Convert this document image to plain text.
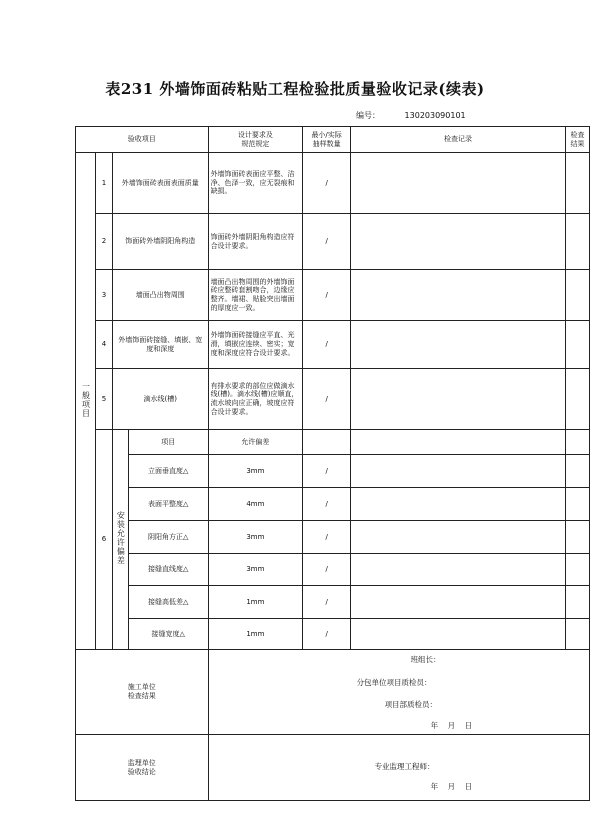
表231 外墙饰面砖粘贴工程检验批质量验收记录(续表)
编号：	130203090101
验收项目				设计要求及
规范规定	最小/实际
抽样数量	检查记录	检查
结果
一般项目	1	外墙饰面砖表面表面质量		外墙饰面砖表面应平整、洁净、色泽一致，应无裂痕和缺损。	/		
	2	饰面砖外墙阴阳角构造		饰面砖外墙阴阳角构造应符合设计要求。	/		
	3	墙面凸出物周围		墙面凸出物周围的外墙饰面砖应整砖套割吻合，边缘应整齐。墙裙、贴脸突出墙面的厚度应一致。	/		
	4	外墙饰面砖接缝、填嵌、宽度和深度		外墙饰面砖接缝应平直、光滑，填嵌应连续、密实；宽度和深度应符合设计要求。	/		
	5	滴水线(槽)		有排水要求的部位应做滴水线(槽)。滴水线(槽)应顺直，流水坡向应正确，坡度应符合设计要求。	/		
	6	安装允许偏差	项目	允许偏差			
			立面垂直度△	3mm	/		
			表面平整度△	4mm	/		
			阴阳角方正△	3mm	/		
			接缝直线度△	3mm	/		
			接缝高低差△	1mm	/		
			接缝宽度△	1mm	/		
施工单位
检查结果				班组长：
分包单位项目质检员：
项目部质检员：
年    月    日			

监理单位
验收结论				专业监理工程师：
年    月    日			
